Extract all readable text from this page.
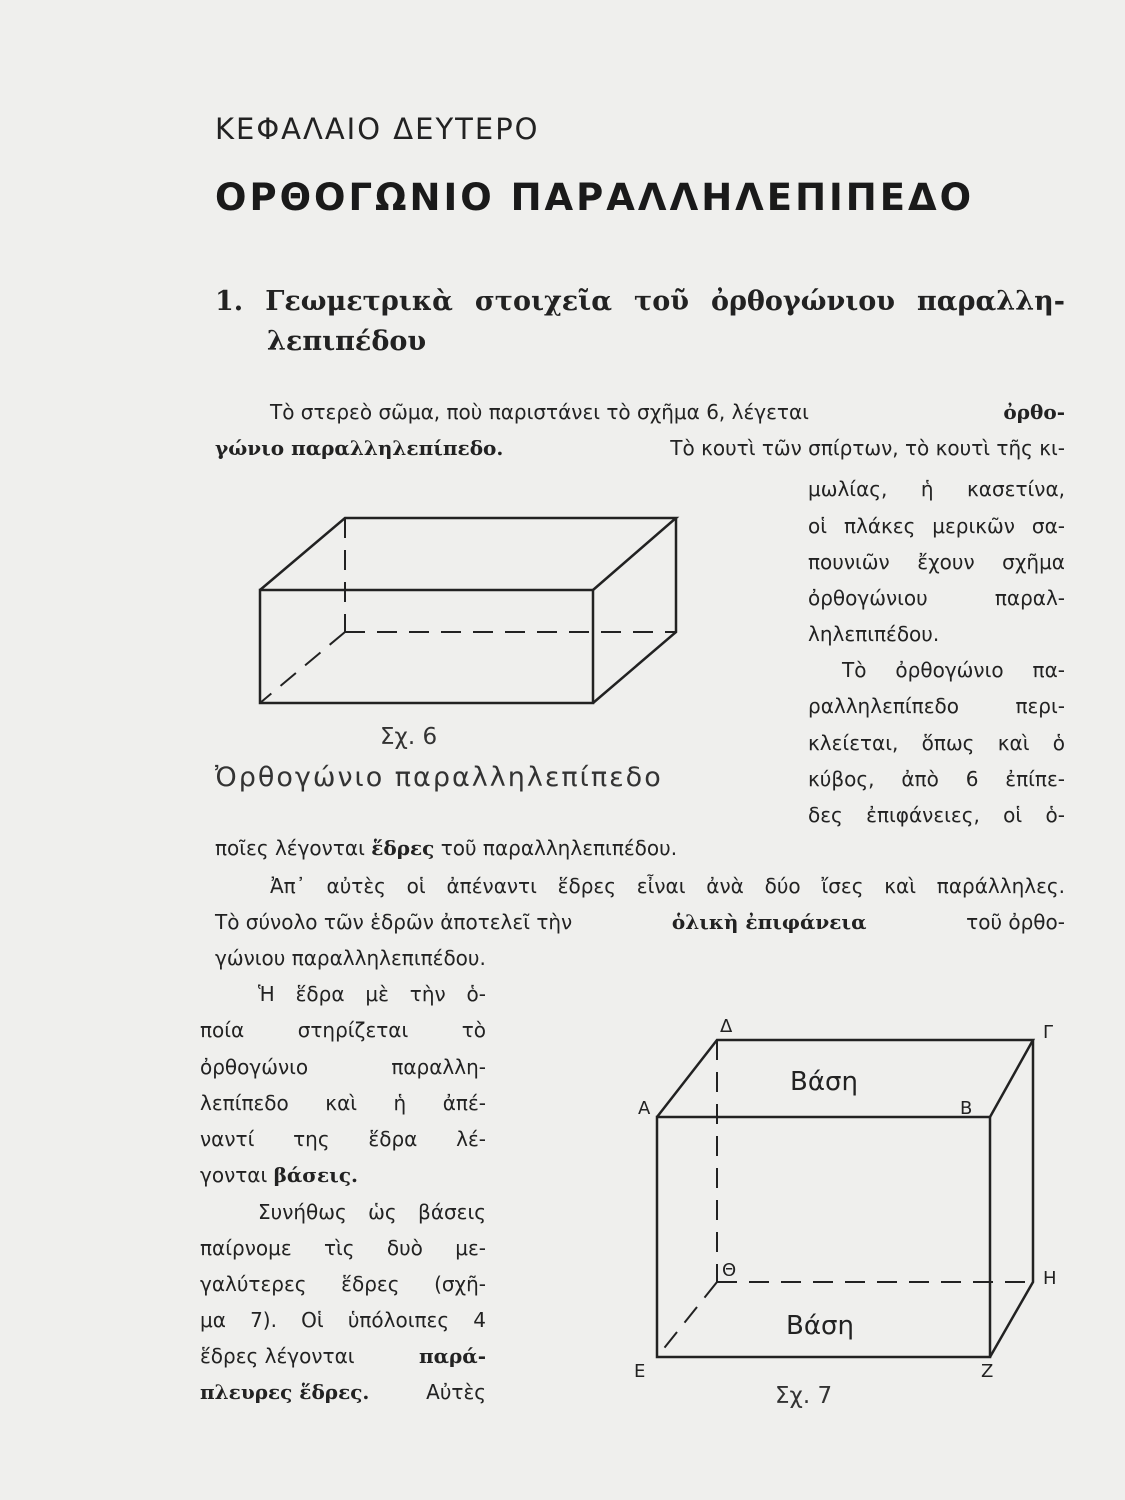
ΚΕΦΑΛΑΙΟ ΔΕΥΤΕΡΟ
ΟΡΘΟΓΩΝΙΟ ΠΑΡΑΛΛΗΛΕΠΙΠΕΔΟ
1. Γεωμετρικὰ στοιχεῖα τοῦ ὀρθογώνιου παραλλη-
λεπιπέδου
Τὸ στερεὸ σῶμα, ποὺ παριστάνει τὸ σχῆμα 6, λέγεται	ὀρθο-
γώνιο παραλληλεπίπεδο.	Τὸ κουτὶ τῶν σπίρτων, τὸ κουτὶ τῆς κι-
μωλίας, ἡ κασετίνα,
οἱ πλάκες μερικῶν σα-
πουνιῶν ἔχουν σχῆμα
ὀρθογώνιου παραλ-
ληλεπιπέδου.
Τὸ ὀρθογώνιο πα-
ραλληλεπίπεδο περι-
κλείεται, ὅπως καὶ ὁ
κύβος, ἀπὸ 6 ἐπίπε-
δες ἐπιφάνειες, οἱ ὁ-
ποῖες λέγονται ἕδρες τοῦ παραλληλεπιπέδου.
Ἀπ᾽ αὐτὲς οἱ ἀπέναντι ἕδρες εἶναι ἀνὰ δύο ἴσες καὶ παράλληλες.
Τὸ σύνολο τῶν ἑδρῶν ἀποτελεῖ τὴν	ὁλικὴ ἐπιφάνεια	τοῦ ὀρθο-
γώνιου παραλληλεπιπέδου.
Ἡ ἕδρα μὲ τὴν ὁ-
ποία στηρίζεται τὸ
ὀρθογώνιο παραλλη-
λεπίπεδο καὶ ἡ ἀπέ-
ναντί της ἕδρα λέ-
γονται βάσεις.
Συνήθως ὡς βάσεις
παίρνομε τὶς δυὸ με-
γαλύτερες ἕδρες (σχῆ-
μα 7). Οἱ ὑπόλοιπες 4
ἕδρες λέγονται	παρά-
πλευρες ἕδρες.	Αὐτὲς
Α	Β
Γ
Δ
Ε	Ζ
Η
Θ
Βάση
Βάση
Σχ. 6
Ὀρθογώνιο παραλληλεπίπεδο
Σχ. 7
